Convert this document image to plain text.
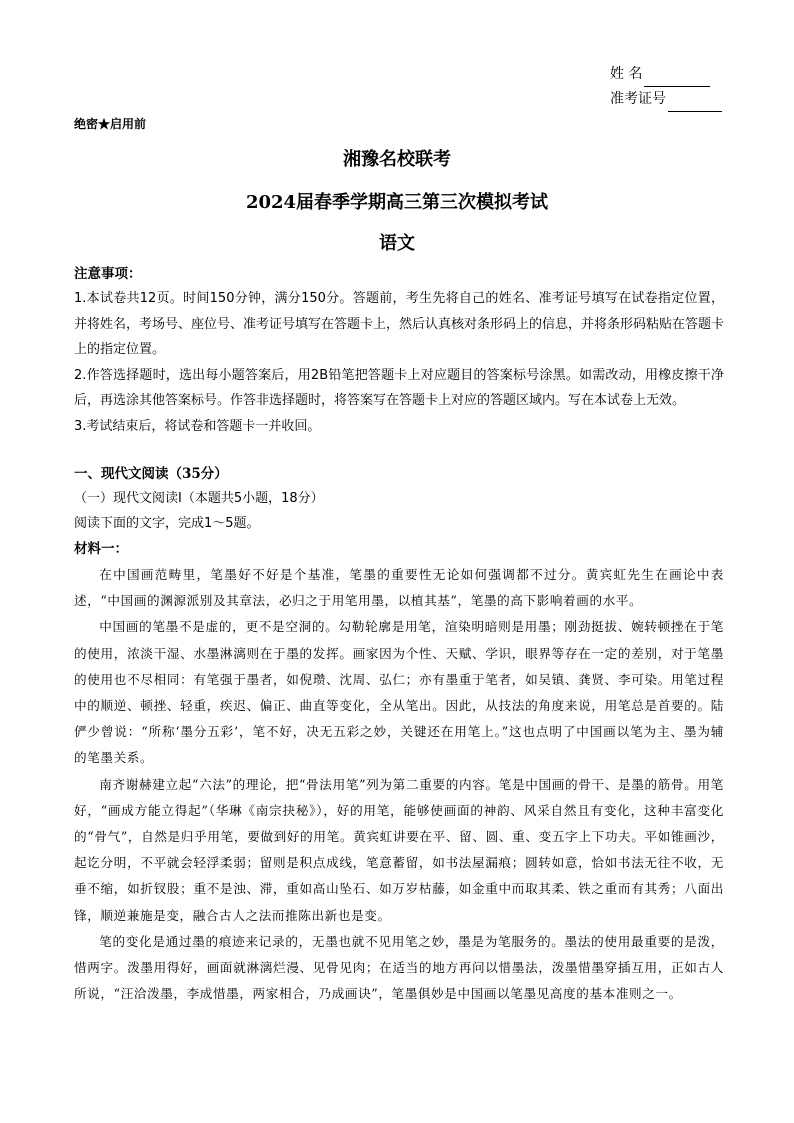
姓 名
准考证号
绝密★启用前
湘豫名校联考
2024届春季学期高三第三次模拟考试
语文
注意事项：

1.本试卷共12页。时间150分钟，满分150分。答题前，考生先将自己的姓名、准考证号填写在试卷指定位置，并将姓名，考场号、座位号、准考证号填写在答题卡上，然后认真核对条形码上的信息，并将条形码粘贴在答题卡上的指定位置。

2.作答选择题时，选出每小题答案后，用2B铅笔把答题卡上对应题目的答案标号涂黑。如需改动，用橡皮擦干净后，再选涂其他答案标号。作答非选择题时，将答案写在答题卡上对应的答题区域内。写在本试卷上无效。

3.考试结束后，将试卷和答题卡一并收回。

一、现代文阅读（35分）
（一）现代文阅读Ⅰ（本题共5小题，18分）
阅读下面的文字，完成1～5题。
材料一：

在中国画范畴里，笔墨好不好是个基准，笔墨的重要性无论如何强调都不过分。黄宾虹先生在画论中表述，“中国画的渊源派别及其章法，必归之于用笔用墨，以植其基”，笔墨的高下影响着画的水平。

中国画的笔墨不是虚的，更不是空洞的。勾勒轮廓是用笔，渲染明暗则是用墨；刚劲挺拔、婉转顿挫在于笔的使用，浓淡干湿、水墨淋漓则在于墨的发挥。画家因为个性、天赋、学识，眼界等存在一定的差别，对于笔墨的使用也不尽相同：有笔强于墨者，如倪瓒、沈周、弘仁；亦有墨重于笔者，如吴镇、龚贤、李可染。用笔过程中的顺逆、顿挫、轻重，疾迟、偏正、曲直等变化，全从笔出。因此，从技法的角度来说，用笔总是首要的。陆俨少曾说：“所称‘墨分五彩’，笔不好，决无五彩之妙，关键还在用笔上。”这也点明了中国画以笔为主、墨为辅的笔墨关系。

南齐谢赫建立起“六法”的理论，把“骨法用笔”列为第二重要的内容。笔是中国画的骨干、是墨的筋骨。用笔好，“画成方能立得起”（华琳《南宗抉秘》），好的用笔，能够使画面的神韵、风采自然且有变化，这种丰富变化的“骨气”，自然是归乎用笔，要做到好的用笔。黄宾虹讲要在平、留、圆、重、变五字上下功夫。平如锥画沙，起讫分明，不平就会轻浮柔弱；留则是积点成线，笔意蓄留，如书法屋漏痕；圆转如意，恰如书法无往不收，无垂不缩，如折钗股；重不是浊、滞，重如高山坠石、如万岁枯藤，如金重中而取其柔、铁之重而有其秀；八面出锋，顺逆兼施是变，融合古人之法而推陈出新也是变。

笔的变化是通过墨的痕迹来记录的，无墨也就不见用笔之妙，墨是为笔服务的。墨法的使用最重要的是泼，惜两字。泼墨用得好，画面就淋漓烂漫、见骨见肉；在适当的地方再问以惜墨法，泼墨惜墨穿插互用，正如古人所说，“汪洽泼墨，李成惜墨，两家相合，乃成画诀”，笔墨俱妙是中国画以笔墨见高度的基本准则之一。
